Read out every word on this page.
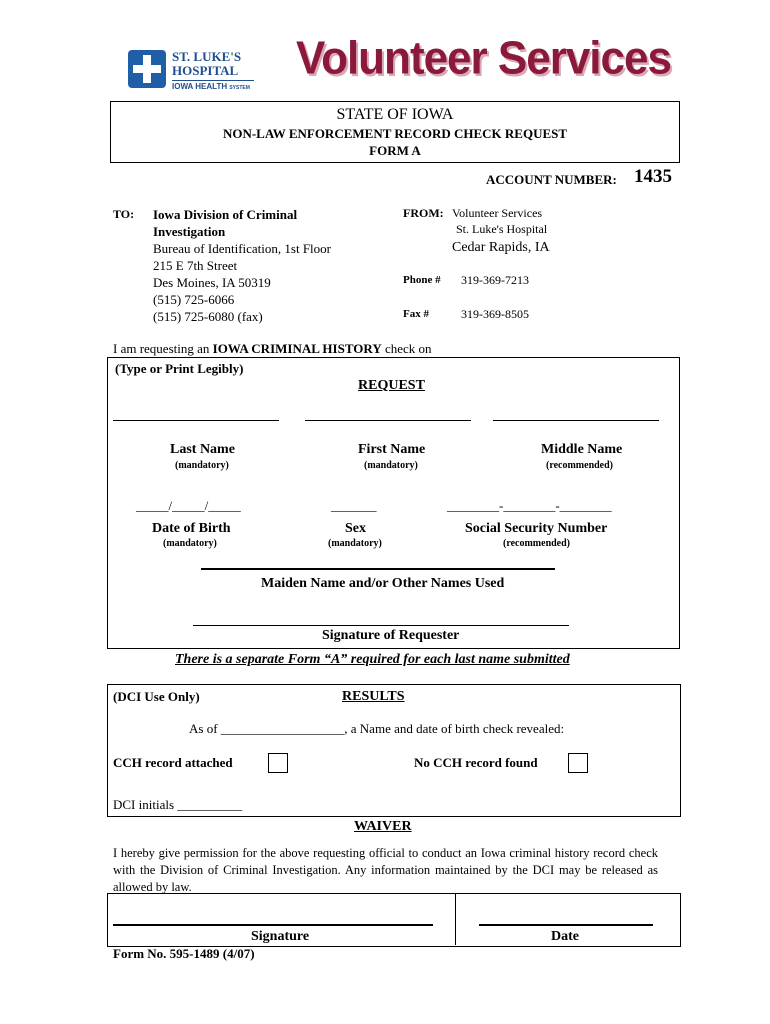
ST. LUKE'S
HOSPITAL
IOWA HEALTH SYSTEM
Volunteer Services
STATE OF IOWA
NON-LAW ENFORCEMENT RECORD CHECK REQUEST
FORM A
ACCOUNT NUMBER: 1435
TO: Iowa Division of Criminal
Investigation
Bureau of Identification, 1st Floor
215 E 7th Street
Des Moines, IA 50319
(515) 725-6066
(515) 725-6080 (fax)
FROM: Volunteer Services
St. Luke's Hospital
Cedar Rapids, IA
Phone # 319-369-7213
Fax #	319-369-8505
I am requesting an IOWA CRIMINAL HISTORY check on
(Type or Print Legibly)
REQUEST
Last Name	First Name	Middle Name
(mandatory)	(mandatory)	(recommended)
_____/_____/_____	_______	________-________-________
Date of Birth	Sex	Social Security Number
(mandatory)	(mandatory)	(recommended)
Maiden Name and/or Other Names Used
Signature of Requester
There is a separate Form “A” required for each last name submitted
(DCI Use Only)	RESULTS
As of ___________________, a Name and date of birth check revealed:
CCH record attached	No CCH record found
DCI initials __________
WAIVER
I hereby give permission for the above requesting official to conduct an Iowa criminal history record check with the Division of Criminal Investigation. Any information maintained by the DCI may be released as allowed by law.
Signature	Date
Form No. 595-1489 (4/07)
